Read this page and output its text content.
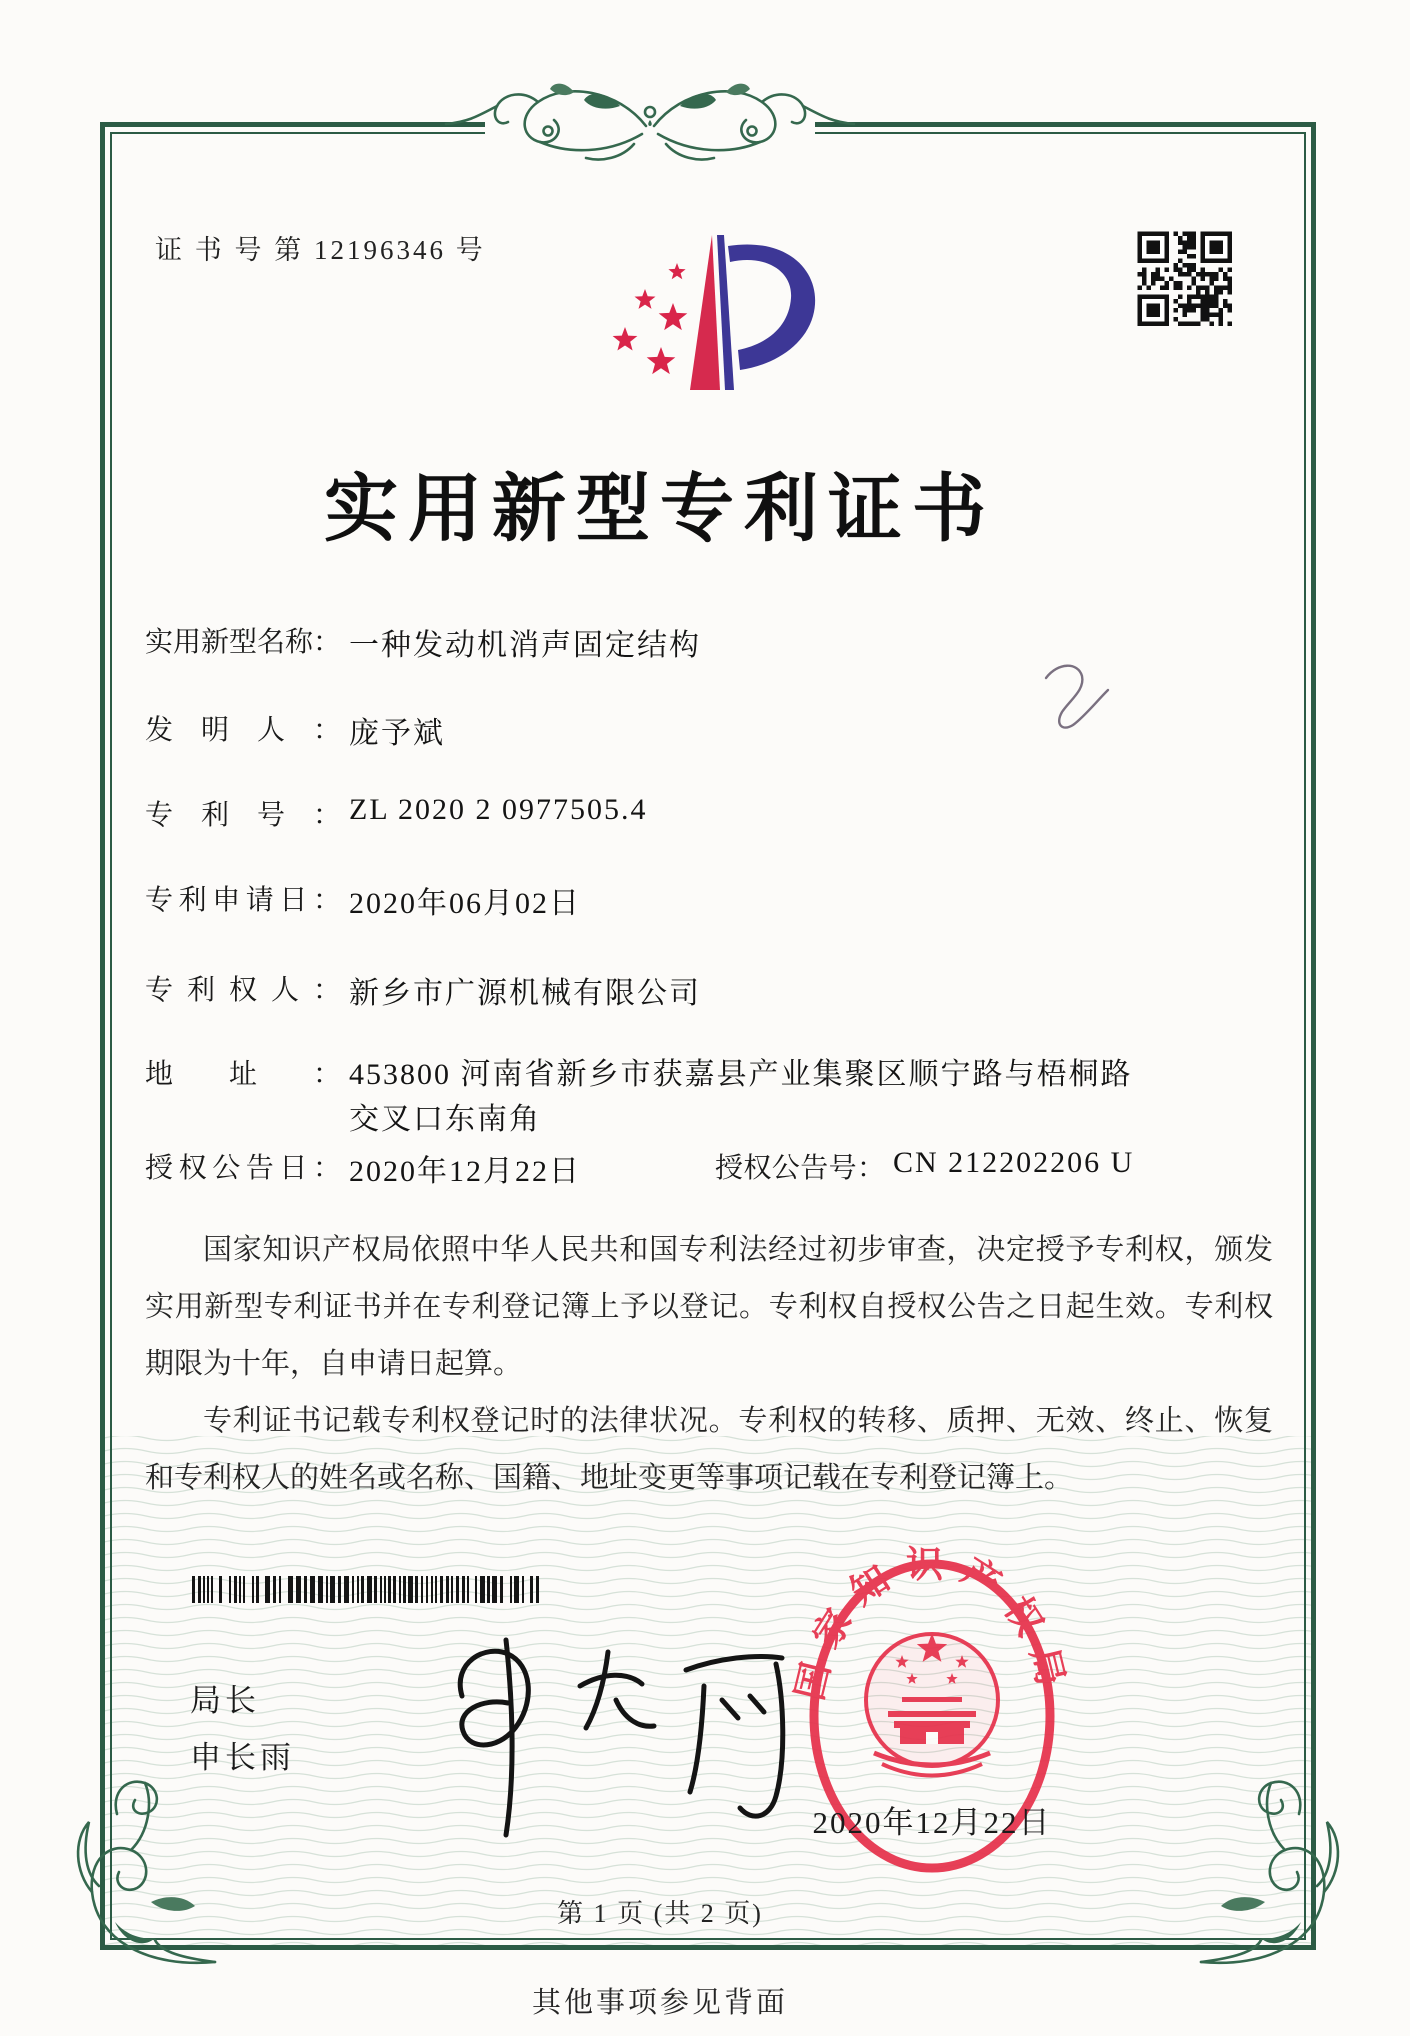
证 书 号 第 12196346 号
实用新型专利证书
实用新型名称： 一种发动机消声固定结构
发明人： 庞予斌
专利号： ZL 2020 2 0977505.4
专利申请日： 2020年06月02日
专利权人： 新乡市广源机械有限公司
地址： 453800 河南省新乡市获嘉县产业集聚区顺宁路与梧桐路
交叉口东南角
授权公告日： 2020年12月22日	授权公告号： CN 212202206 U

国家知识产权局依照中华人民共和国专利法经过初步审查，决定授予专利权，颁发实用新型专利证书并在专利登记簿上予以登记。专利权自授权公告之日起生效。专利权期限为十年，自申请日起算。

专利证书记载专利权登记时的法律状况。专利权的转移、质押、无效、终止、恢复和专利权人的姓名或名称、国籍、地址变更等事项记载在专利登记簿上。

局长
申长雨
国家知识产权局
2020年12月22日
第 1 页 (共 2 页)
其他事项参见背面
